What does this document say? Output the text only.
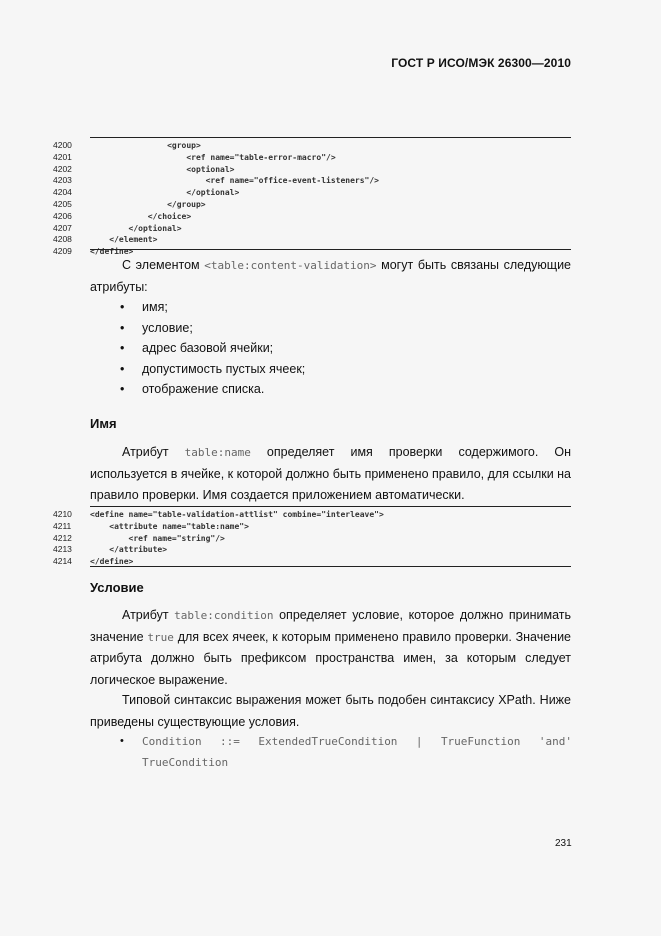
ГОСТ Р ИСО/МЭК 26300—2010
4200	<group>
4201	<ref name="table-error-macro"/>
4202	<optional>
4203	<ref name="office-event-listeners"/>
4204	</optional>
4205	</group>
4206	</choice>
4207	</optional>
4208	</element>
4209	</define>
С элементом <table:content-validation> могут быть связаны следующие атрибуты:
• имя;
• условие;
• адрес базовой ячейки;
• допустимость пустых ячеек;
• отображение списка.
Имя
Атрибут table:name определяет имя проверки содержимого. Он используется в ячейке, к которой должно быть применено правило, для ссылки на правило проверки. Имя создается приложением автоматически.
4210	<define name="table-validation-attlist" combine="interleave">
4211	<attribute name="table:name">
4212	<ref name="string"/>
4213	</attribute>
4214	</define>
Условие
Атрибут table:condition определяет условие, которое должно принимать значение true для всех ячеек, к которым применено правило проверки. Значение атрибута должно быть префиксом пространства имен, за которым следует логическое выражение.
Типовой синтаксис выражения может быть подобен синтаксису XPath. Ниже приведены существующие условия.
• Condition ::= ExtendedTrueCondition | TrueFunction 'and'
TrueCondition
231
